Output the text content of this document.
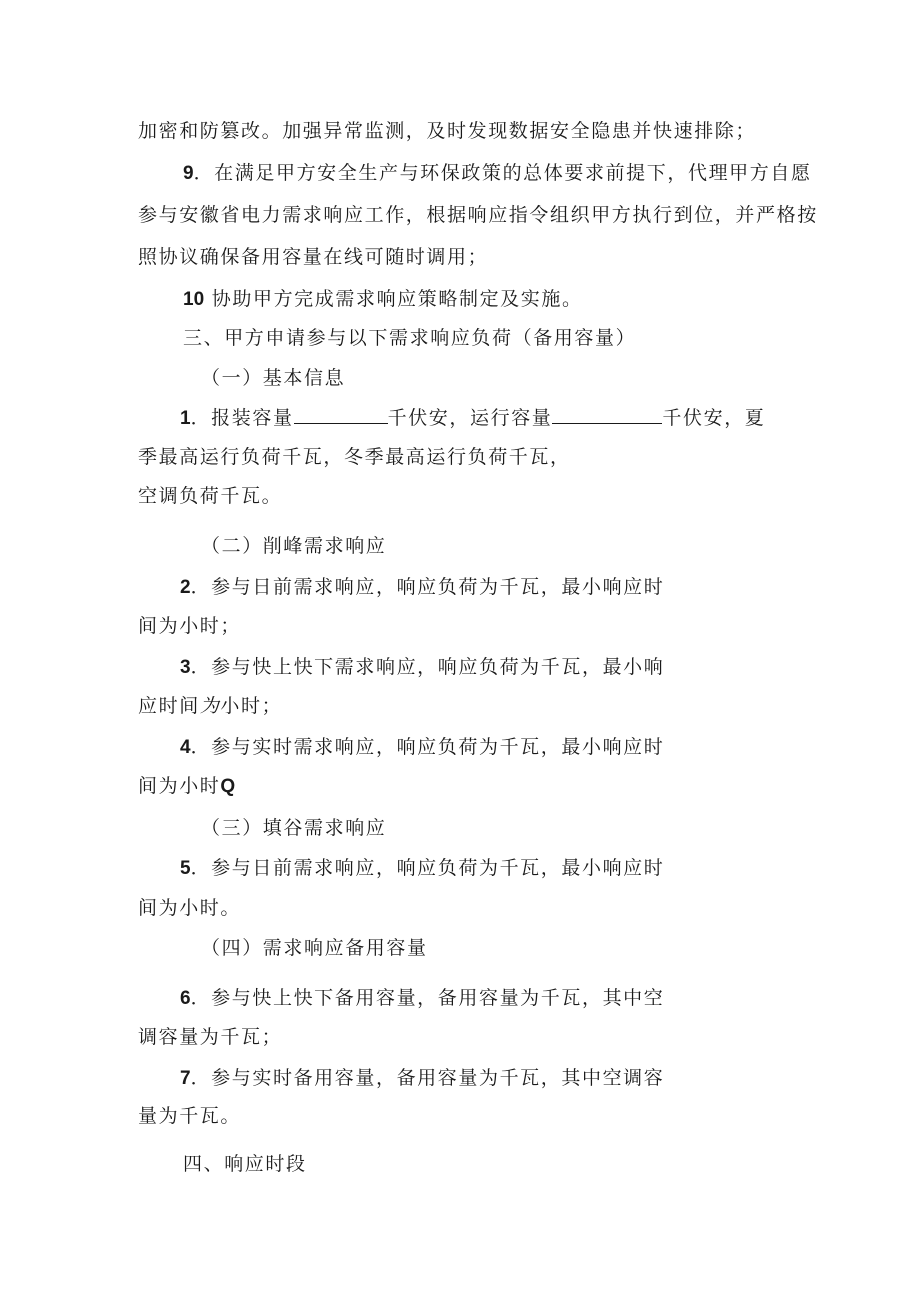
加密和防篡改。加强异常监测，及时发现数据安全隐患并快速排除；
9．在满足甲方安全生产与环保政策的总体要求前提下，代理甲方自愿
参与安徽省电力需求响应工作，根据响应指令组织甲方执行到位，并严格按
照协议确保备用容量在线可随时调用；
10 协助甲方完成需求响应策略制定及实施。
三、甲方申请参与以下需求响应负荷（备用容量）
（一）基本信息
1．报装容量	千伏安，运行容量	千伏安，夏
季最高运行负荷千瓦，冬季最高运行负荷千瓦，
空调负荷千瓦。
（二）削峰需求响应
2．参与日前需求响应，响应负荷为千瓦，最小响应时
间为小时；
3．参与快上快下需求响应，响应负荷为千瓦，最小响
应时间为小时；
4．参与实时需求响应，响应负荷为千瓦，最小响应时
间为小时Q
（三）填谷需求响应
5．参与日前需求响应，响应负荷为千瓦，最小响应时
间为小时。
（四）需求响应备用容量
6．参与快上快下备用容量，备用容量为千瓦，其中空
调容量为千瓦；
7．参与实时备用容量，备用容量为千瓦，其中空调容
量为千瓦。
四、响应时段
